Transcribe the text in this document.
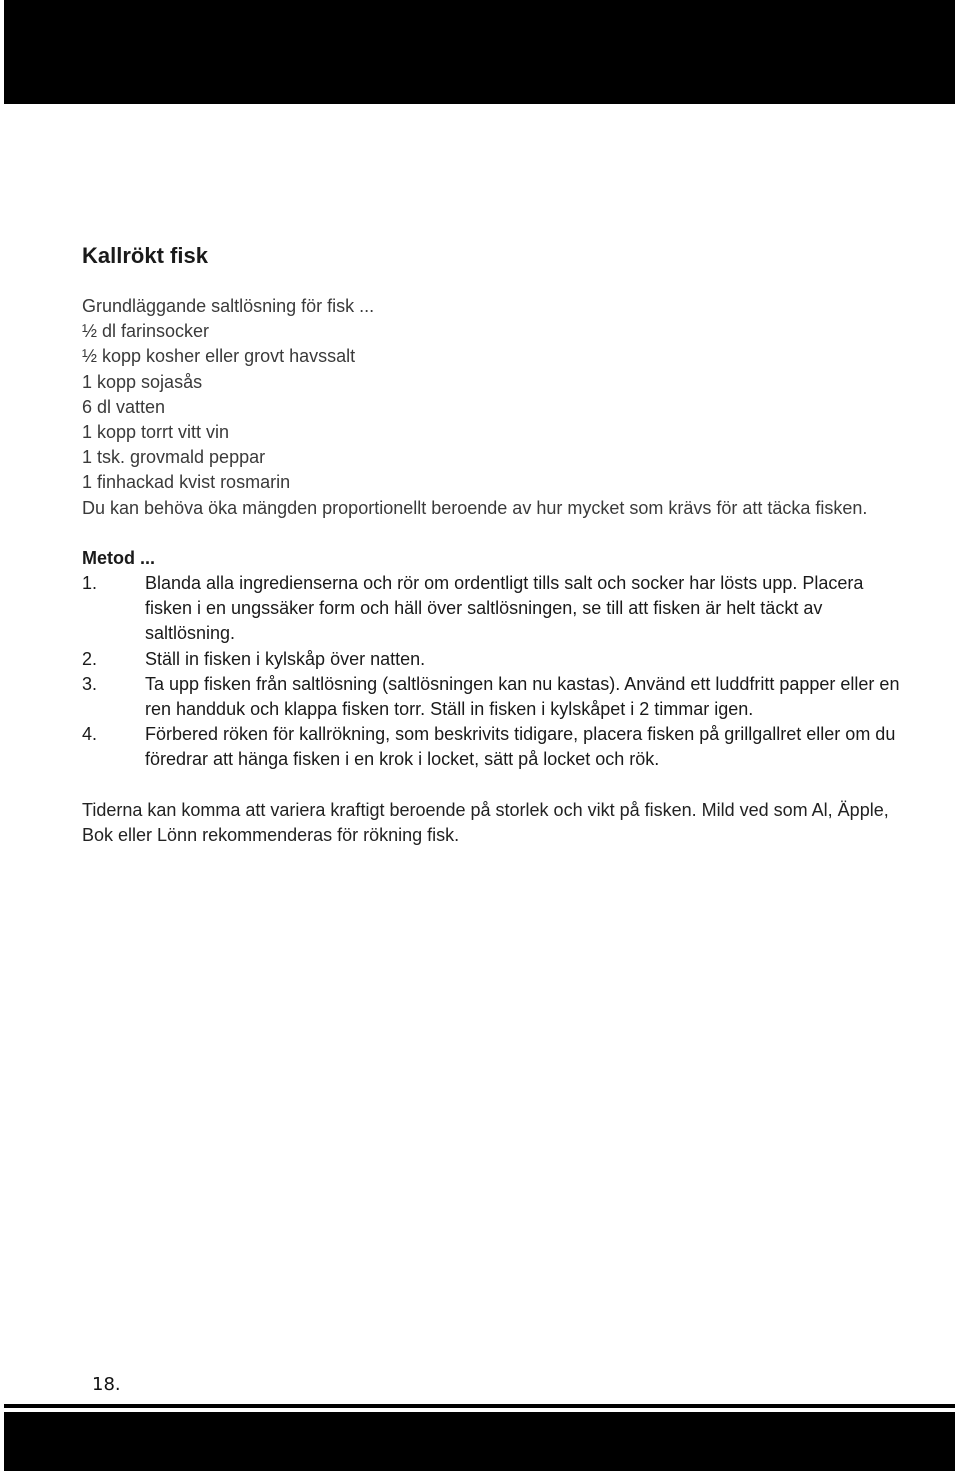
Kallrökt fisk

Grundläggande saltlösning för fisk ...

½ dl farinsocker

½ kopp kosher eller grovt havssalt

1 kopp sojasås

6 dl vatten

1 kopp torrt vitt vin

1 tsk. grovmald peppar

1 finhackad kvist rosmarin

Du kan behöva öka mängden proportionellt beroende av hur mycket som krävs för att täcka fisken.

Metod ...

1.	Blanda alla ingredienserna och rör om ordentligt tills salt och socker har lösts upp. Placera fisken i en ungssäker form och häll över saltlösningen, se till att fisken är helt täckt av saltlösning.
2.	Ställ in fisken i kylskåp över natten.
3.	Ta upp fisken från saltlösning (saltlösningen kan nu kastas). Använd ett luddfritt papper eller en ren handduk och klappa fisken torr. Ställ in fisken i kylskåpet i 2 timmar igen.
4.	Förbered röken för kallrökning, som beskrivits tidigare, placera fisken på grillgallret eller om du föredrar att hänga fisken i en krok i locket, sätt på locket och rök.

Tiderna kan komma att variera kraftigt beroende på storlek och vikt på fisken. Mild ved som Al, Äpple, Bok eller Lönn rekommenderas för rökning fisk.

18.
